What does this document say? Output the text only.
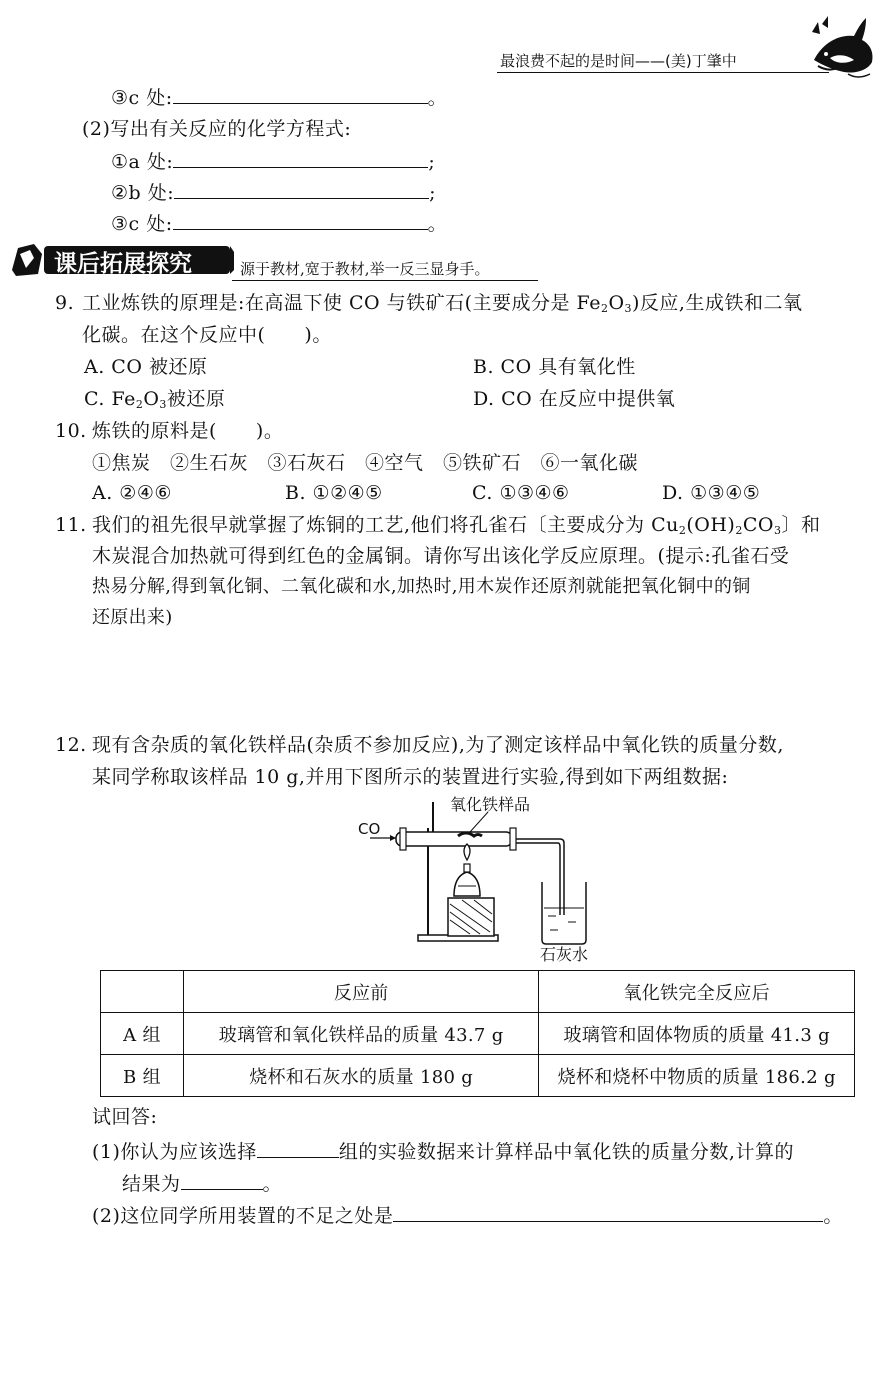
最浪费不起的是时间——(美)丁肇中
③c 处:	。
(2)写出有关反应的化学方程式:
①a 处:	;
②b 处:	;
③c 处:	。
课后拓展探究	源于教材,宽于教材,举一反三显身手。
9. 工业炼铁的原理是:在高温下使 CO 与铁矿石(主要成分是 $Fe_2O_3$)反应,生成铁和二氧
化碳。在这个反应中(　　)。
A. CO 被还原	B. CO 具有氧化性
C. $Fe_2O_3$被还原	D. CO 在反应中提供氧
10. 炼铁的原料是(　　)。
①焦炭　②生石灰　③石灰石　④空气　⑤铁矿石　⑥一氧化碳
A. ②④⑥	B. ①②④⑤	C. ①③④⑥	D. ①③④⑤
11. 我们的祖先很早就掌握了炼铜的工艺,他们将孔雀石〔主要成分为 $Cu_2(OH)_2CO_3$〕和
木炭混合加热就可得到红色的金属铜。请你写出该化学反应原理。(提示:孔雀石受
热易分解,得到氧化铜、二氧化碳和水,加热时,用木炭作还原剂就能把氧化铜中的铜
还原出来)
12. 现有含杂质的氧化铁样品(杂质不参加反应),为了测定该样品中氧化铁的质量分数,
某同学称取该样品 10 g,并用下图所示的装置进行实验,得到如下两组数据:
氧化铁样品
CO
石灰水
	反应前	氧化铁完全反应后
A 组	玻璃管和氧化铁样品的质量 43.7 g	玻璃管和固体物质的质量 41.3 g
B 组	烧杯和石灰水的质量 180 g	烧杯和烧杯中物质的质量 186.2 g
试回答:
(1)你认为应该选择	组的实验数据来计算样品中氧化铁的质量分数,计算的
结果为	。
(2)这位同学所用装置的不足之处是	。
